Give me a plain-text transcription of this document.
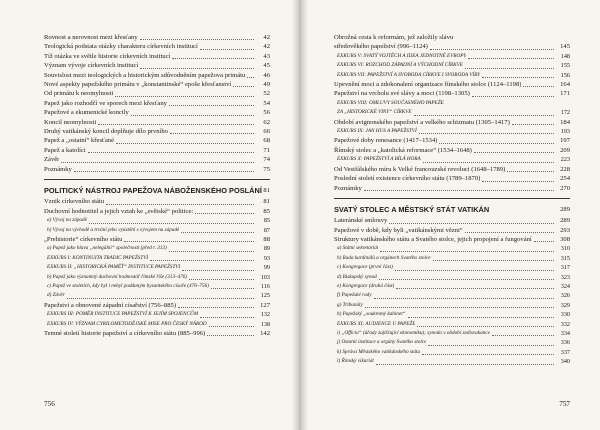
Rovnost a nerovnost mezi křesťany	42
Teologická podstata otázky charakteru církevních institucí	42
Tíž otázka ve světle historie církevních institucí	43
Význam vývoje církevních institucí	45
Souvislost mezi teologických a historickým sdůvodněním papežova primátu	46
Nové aspekty papežského primátu v „konstantinské“ epoše křesťanství	49
Od primátu k neomylnosti	52
Papež jako rozhodčí ve sporech mezi křesťany	54
Papežové a ekumenické koncily	56
Koncil neomylnosti	62
Druhý vatikánský koncil doplňuje dílo prvního	66
Papež a „ostatní“ křesťané	68
Papež a katolíci	71
Závěr	74
Poznámky	75
POLITICKÝ NÁSTROJ PAPEŽOVA NÁBOŽENSKÉHO POSLÁNÍ 81
Vznik církevního státu	81
Duchovní hodnotitel a jejich vztah ke „světské“ politice:	85
a) Vývoj na západě	85
b) Vývoj na východě a trvání jeho vyústění s vývojem na západě	87
„Prehistorie“ církevního státu	88
a) Papež jako hlava „nelegální“ společnosti (před r. 313)	89
EXKURS I: KONTINUITA TRADIC PAPEŽSTVÍ	93
EXKURS II: „HISTORICKÁ PAMĚŤ“ INSTITUCE PAPEŽSTVÍ	99
b) Papež jako významný duchovní hodnostář římské říše (313–476)	103
c) Papež ve stoletích, kdy byl i nebyl poddaným byzantského císaře (476–756)	116
d) Závěr	125
Papežství a obnovené západní císařství (756–885)	127
EXKURS III: POMĚR INSTITUCE PAPEŽSTVÍ K JEJÍM SPOJENCŮM	132
EXKURS IV: VÝZNAM CYRILOMETODĚJSKÉ MISE PRO ČESKÝ NÁROD	138
Temné století historie papežství a církevního státu (885–996)	142
756
Obrožná cesta k reformám, jež založily slávu
středověkého papežství (996–1124)	145
EXKURS V: SVATÝ VOJTĚCH A IDEA JEDNOTNÉ EVROPY	148
EXKURS VI: ROZCHOD ZÁPADNÍ A VÝCHODNÍ CÍRKVE	155
EXKURS VII: PAPEŽSTVÍ A SVOBODA CÍRKVE I SVOBODA VÍRY	156
Upevnění moci a zdokonalení organizace římského stolce (1124–1198)	164
Papežství na vrcholu své slávy a moci (1198–1305)	171
EXKURS VIII: OMLUVY SOUČASNÉHO PAPEŽE
ZA „HISTORICKÉ VINY“ CÍRKVE	172
Období avignonského papežství a velkého schizmatu (1305–1417)	184
EXKURS IX: JAN HUS A PAPEŽSTVÍ	193
Papežové doby renesance (1417–1534)	197
Římský stolec a „katolická reformace“ (1534–1648)	209
EXKURS X: PAPEŽSTVÍ A BÍLÁ HORA	223
Od Vestfálského míru k Velké francouzské revoluci (1648–1789)	228
Poslední století existence církevního státu (1789–1870)	254
Poznámky	270
SVATÝ STOLEC A MĚSTSKÝ STÁT VATIKÁN	289
Lateránské smlouvy	289
Papežové v době, kdy byli „vatikánskými vězni“	293
Struktury vatikánského státu a Svatého stolce, jejich propojení a fungování	308
a) Státní sekretariát	310
b) Rada kardinálů a orgánech Svatého stolce	315
c) Kongregace (první část)	317
d) Biskupský synod	323
e) Kongregace (druhá část)	324
f) Papežské rady	326
g) Tribunály	329
h) Papežský „soukromý kabinet“	330
EXKURS XI: AUDIENCE U PAPEŽE	332
i) „Officia“ (úřady zajišťující ekonomiku); synoda v období sedisvakance	334
j) Ostatní instituce a orgány Svatého stolce	336
k) Správa Městského vatikánského státu	337
l) Římský vikariát	340
757
